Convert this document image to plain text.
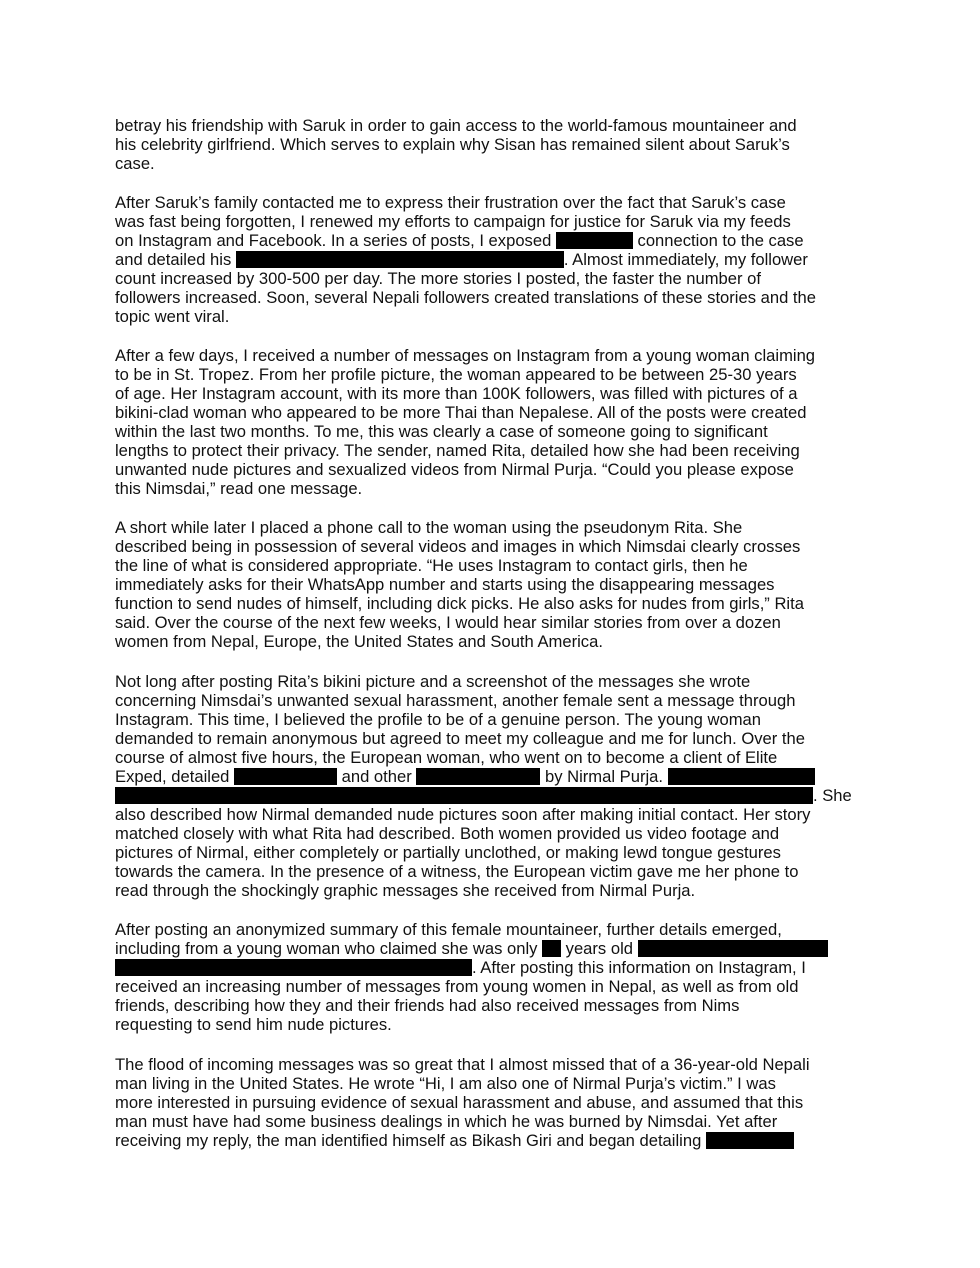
betray his friendship with Saruk in order to gain access to the world-famous mountaineer and
his celebrity girlfriend. Which serves to explain why Sisan has remained silent about Saruk’s
case.
After Saruk’s family contacted me to express their frustration over the fact that Saruk’s case
was fast being forgotten, I renewed my efforts to campaign for justice for Saruk via my feeds
on Instagram and Facebook. In a series of posts, I exposed	connection to the case
and detailed his	. Almost immediately, my follower
count increased by 300-500 per day. The more stories I posted, the faster the number of
followers increased. Soon, several Nepali followers created translations of these stories and the
topic went viral.
After a few days, I received a number of messages on Instagram from a young woman claiming
to be in St. Tropez. From her profile picture, the woman appeared to be between 25-30 years
of age. Her Instagram account, with its more than 100K followers, was filled with pictures of a
bikini-clad woman who appeared to be more Thai than Nepalese. All of the posts were created
within the last two months. To me, this was clearly a case of someone going to significant
lengths to protect their privacy. The sender, named Rita, detailed how she had been receiving
unwanted nude pictures and sexualized videos from Nirmal Purja. “Could you please expose
this Nimsdai,” read one message.
A short while later I placed a phone call to the woman using the pseudonym Rita. She
described being in possession of several videos and images in which Nimsdai clearly crosses
the line of what is considered appropriate. “He uses Instagram to contact girls, then he
immediately asks for their WhatsApp number and starts using the disappearing messages
function to send nudes of himself, including dick picks. He also asks for nudes from girls,” Rita
said. Over the course of the next few weeks, I would hear similar stories from over a dozen
women from Nepal, Europe, the United States and South America.
Not long after posting Rita’s bikini picture and a screenshot of the messages she wrote
concerning Nimsdai’s unwanted sexual harassment, another female sent a message through
Instagram. This time, I believed the profile to be of a genuine person. The young woman
demanded to remain anonymous but agreed to meet my colleague and me for lunch. Over the
course of almost five hours, the European woman, who went on to become a client of Elite
Exped, detailed	and other	by Nirmal Purja.
. She
also described how Nirmal demanded nude pictures soon after making initial contact. Her story
matched closely with what Rita had described. Both women provided us video footage and
pictures of Nirmal, either completely or partially unclothed, or making lewd tongue gestures
towards the camera. In the presence of a witness, the European victim gave me her phone to
read through the shockingly graphic messages she received from Nirmal Purja.
After posting an anonymized summary of this female mountaineer, further details emerged,
including from a young woman who claimed she was only  years old
. After posting this information on Instagram, I
received an increasing number of messages from young women in Nepal, as well as from old
friends, describing how they and their friends had also received messages from Nims
requesting to send him nude pictures.
The flood of incoming messages was so great that I almost missed that of a 36-year-old Nepali
man living in the United States. He wrote “Hi, I am also one of Nirmal Purja’s victim.” I was
more interested in pursuing evidence of sexual harassment and abuse, and assumed that this
man must have had some business dealings in which he was burned by Nimsdai. Yet after
receiving my reply, the man identified himself as Bikash Giri and began detailing
